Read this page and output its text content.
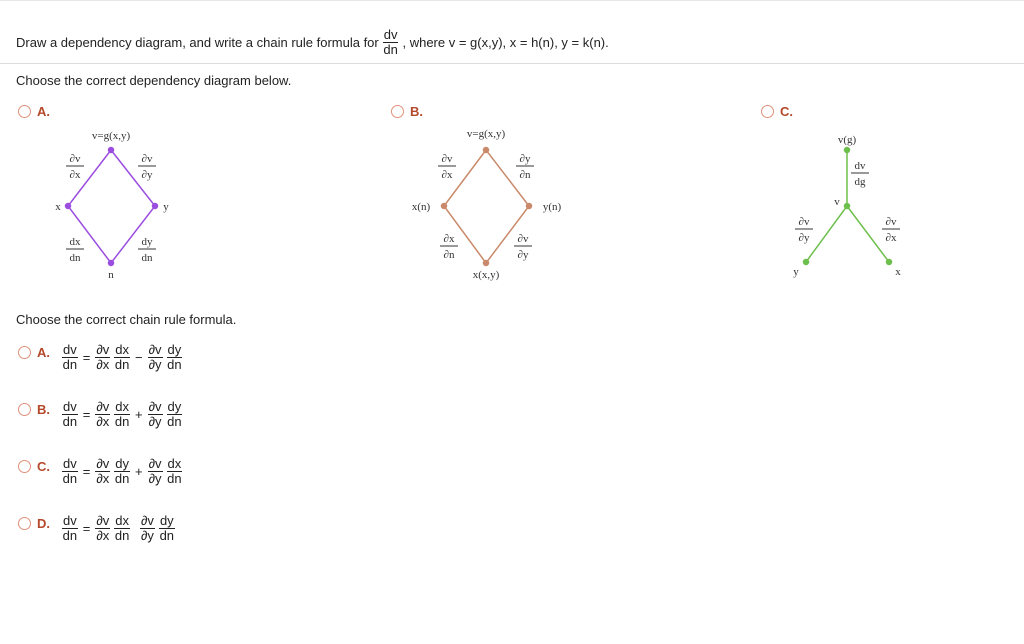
Draw a dependency diagram, and write a chain rule formula for $\frac{dv}{dn}$ , where v = g(x,y), x = h(n), y = k(n).
Choose the correct dependency diagram below.
A.	B.	C.
v=g(x,y)
x	y
n
v=g(x,y)
x(n)	y(n)
x(x,y)
v(g)
v
y	x
∂v
∂x
∂v
∂y
dx
dn
dy
dn
∂v
∂x
∂y
∂n
∂x
∂n
∂v
∂y
dv
dg
∂v
∂y
∂v
∂x
Choose the correct chain rule formula.
A. $\frac{dv}{dn} = \frac{\partial v}{\partial x} \frac{dx}{dn} - \frac{\partial v}{\partial y} \frac{dy}{dn}$
B. $\frac{dv}{dn} = \frac{\partial v}{\partial x} \frac{dx}{dn} + \frac{\partial v}{\partial y} \frac{dy}{dn}$
C. $\frac{dv}{dn} = \frac{\partial v}{\partial x} \frac{dy}{dn} + \frac{\partial v}{\partial y} \frac{dx}{dn}$
D. $\frac{dv}{dn} = \frac{\partial v}{\partial x} \frac{dx}{dn} \frac{\partial v}{\partial y} \frac{dy}{dn}$
